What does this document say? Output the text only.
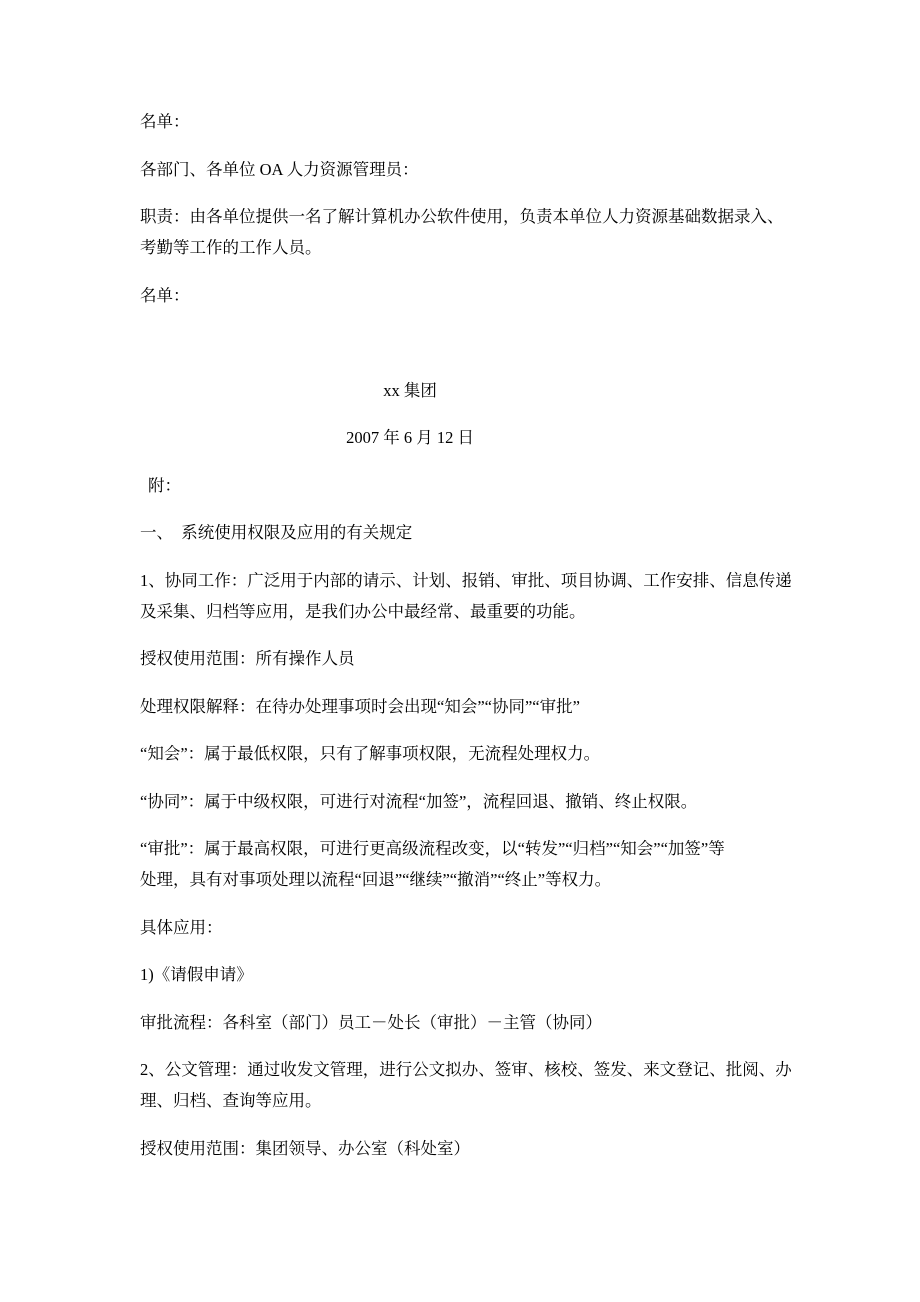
名单：

各部门、各单位 OA 人力资源管理员：

职责：由各单位提供一名了解计算机办公软件使用，负责本单位人力资源基础数据录入、
考勤等工作的工作人员。

名单：

xx 集团

2007 年 6 月 12 日

附：

一、　系统使用权限及应用的有关规定

1、协同工作：广泛用于内部的请示、计划、报销、审批、项目协调、工作安排、信息传递
及采集、归档等应用，是我们办公中最经常、最重要的功能。

授权使用范围：所有操作人员

处理权限解释：在待办处理事项时会出现“知会”“协同”“审批”

“知会”：属于最低权限，只有了解事项权限，无流程处理权力。

“协同”：属于中级权限，可进行对流程“加签”，流程回退、撤销、终止权限。

“审批”：属于最高权限，可进行更高级流程改变，以“转发”“归档”“知会”“加签”等
处理，具有对事项处理以流程“回退”“继续”“撤消”“终止”等权力。

具体应用：

1)《请假申请》

审批流程：各科室（部门）员工－处长（审批）－主管（协同）

2、公文管理：通过收发文管理，进行公文拟办、签审、核校、签发、来文登记、批阅、办
理、归档、查询等应用。

授权使用范围：集团领导、办公室（科处室）
